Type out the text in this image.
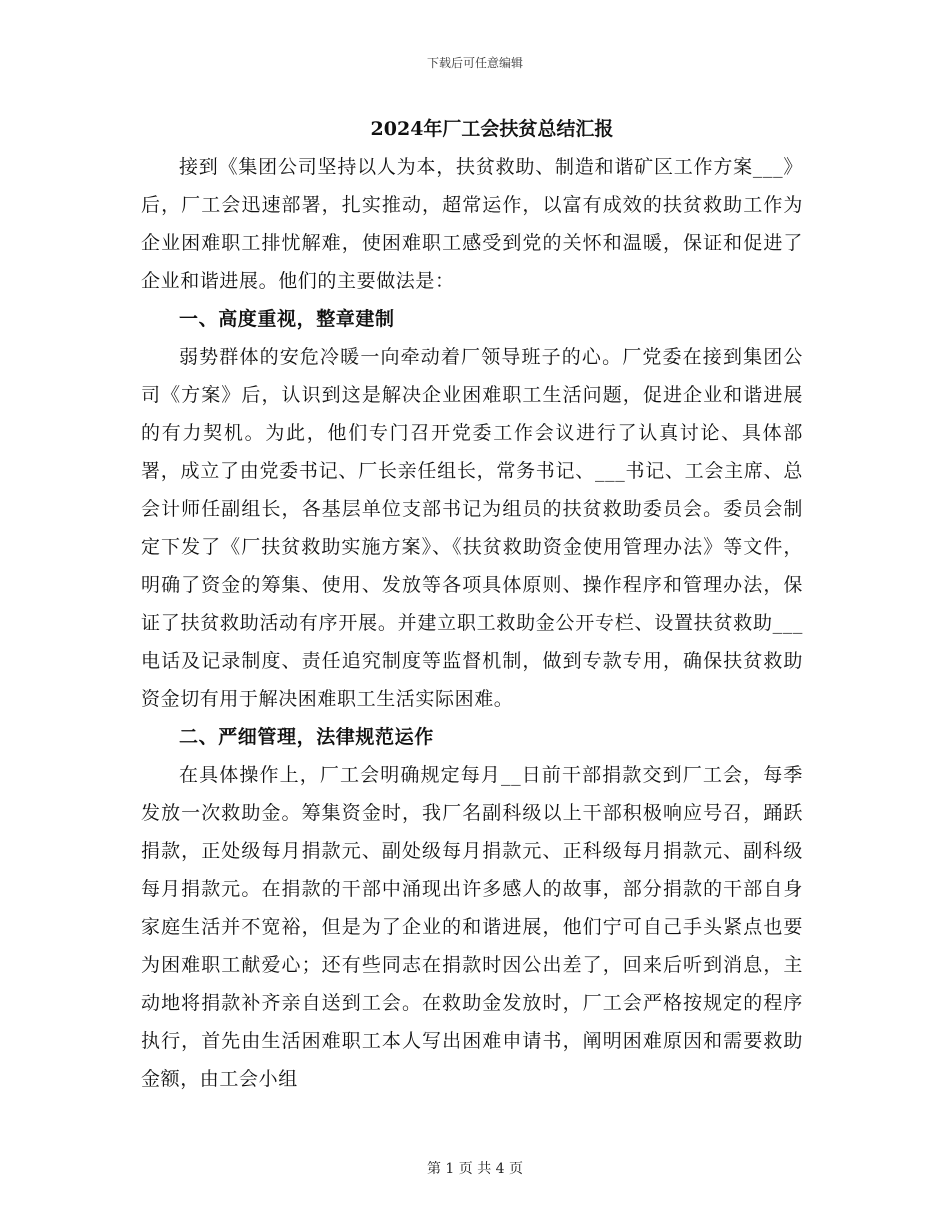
下载后可任意编辑

2024年厂工会扶贫总结汇报

接到《集团公司坚持以人为本，扶贫救助、制造和谐矿区工作方案___》后，厂工会迅速部署，扎实推动，超常运作，以富有成效的扶贫救助工作为企业困难职工排忧解难，使困难职工感受到党的关怀和温暖，保证和促进了企业和谐进展。他们的主要做法是：

一、高度重视，整章建制

弱势群体的安危冷暖一向牵动着厂领导班子的心。厂党委在接到集团公司《方案》后，认识到这是解决企业困难职工生活问题，促进企业和谐进展的有力契机。为此，他们专门召开党委工作会议进行了认真讨论、具体部署，成立了由党委书记、厂长亲任组长，常务书记、___书记、工会主席、总会计师任副组长，各基层单位支部书记为组员的扶贫救助委员会。委员会制定下发了《厂扶贫救助实施方案》、《扶贫救助资金使用管理办法》等文件，明确了资金的筹集、使用、发放等各项具体原则、操作程序和管理办法，保证了扶贫救助活动有序开展。并建立职工救助金公开专栏、设置扶贫救助___电话及记录制度、责任追究制度等监督机制，做到专款专用，确保扶贫救助资金切有用于解决困难职工生活实际困难。

二、严细管理，法律规范运作

在具体操作上，厂工会明确规定每月__日前干部捐款交到厂工会，每季发放一次救助金。筹集资金时，我厂名副科级以上干部积极响应号召，踊跃捐款，正处级每月捐款元、副处级每月捐款元、正科级每月捐款元、副科级每月捐款元。在捐款的干部中涌现出许多感人的故事，部分捐款的干部自身家庭生活并不宽裕，但是为了企业的和谐进展，他们宁可自己手头紧点也要为困难职工献爱心；还有些同志在捐款时因公出差了，回来后听到消息，主动地将捐款补齐亲自送到工会。在救助金发放时，厂工会严格按规定的程序执行，首先由生活困难职工本人写出困难申请书，阐明困难原因和需要救助金额，由工会小组

第 1 页 共 4 页
